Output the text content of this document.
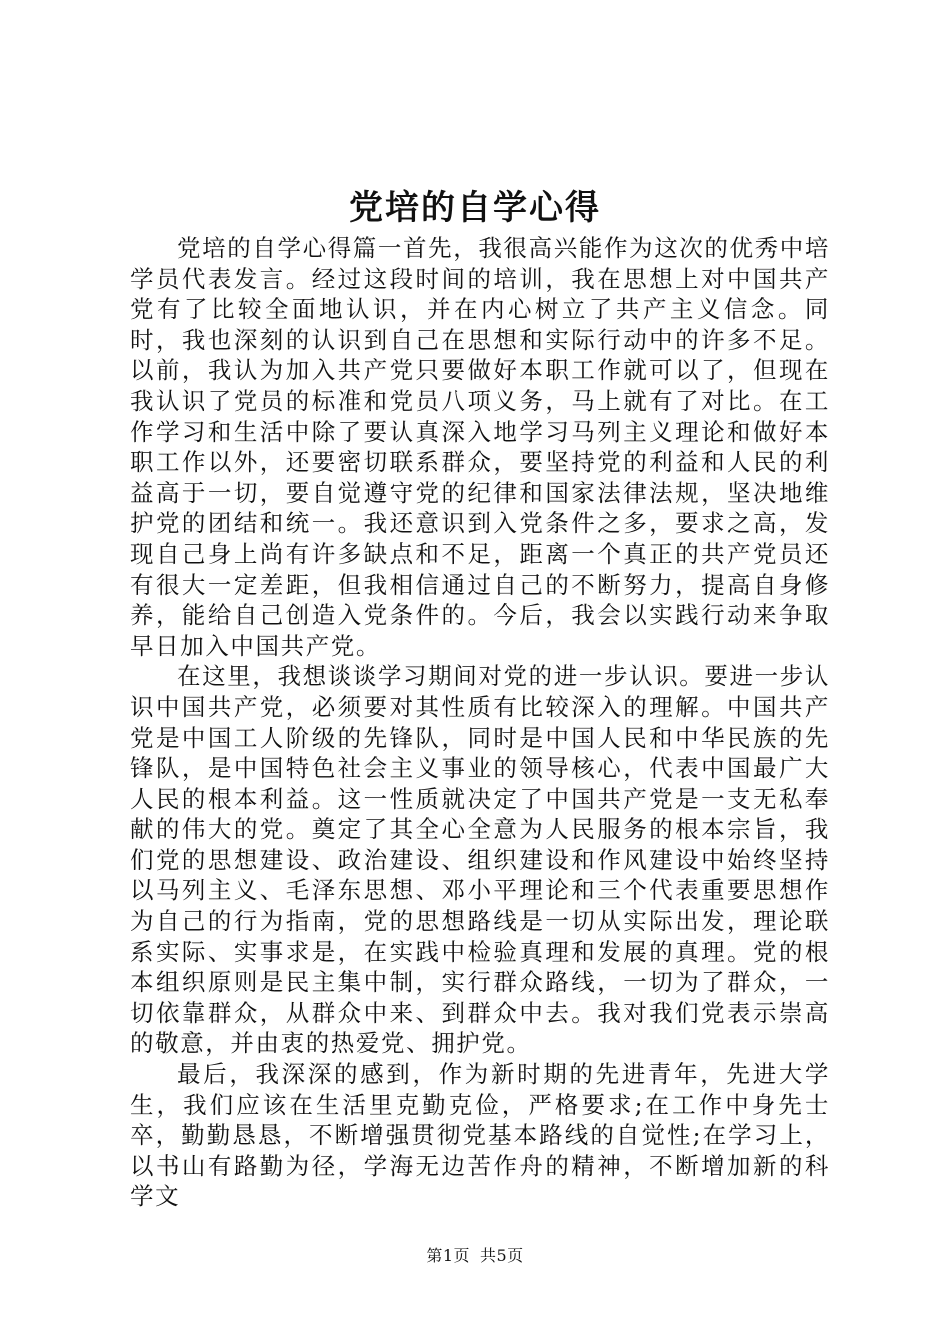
党培的自学心得

党培的自学心得篇一首先，我很高兴能作为这次的优秀中培学员代表发言。经过这段时间的培训，我在思想上对中国共产党有了比较全面地认识，并在内心树立了共产主义信念。同时，我也深刻的认识到自己在思想和实际行动中的许多不足。以前，我认为加入共产党只要做好本职工作就可以了，但现在我认识了党员的标准和党员八项义务，马上就有了对比。在工作学习和生活中除了要认真深入地学习马列主义理论和做好本职工作以外，还要密切联系群众，要坚持党的利益和人民的利益高于一切，要自觉遵守党的纪律和国家法律法规，坚决地维护党的团结和统一。我还意识到入党条件之多，要求之高，发现自己身上尚有许多缺点和不足，距离一个真正的共产党员还有很大一定差距，但我相信通过自己的不断努力，提高自身修养，能给自己创造入党条件的。今后，我会以实践行动来争取早日加入中国共产党。

在这里，我想谈谈学习期间对党的进一步认识。要进一步认识中国共产党，必须要对其性质有比较深入的理解。中国共产党是中国工人阶级的先锋队，同时是中国人民和中华民族的先锋队，是中国特色社会主义事业的领导核心，代表中国最广大人民的根本利益。这一性质就决定了中国共产党是一支无私奉献的伟大的党。奠定了其全心全意为人民服务的根本宗旨，我们党的思想建设、政治建设、组织建设和作风建设中始终坚持以马列主义、毛泽东思想、邓小平理论和三个代表重要思想作为自己的行为指南，党的思想路线是一切从实际出发，理论联系实际、实事求是，在实践中检验真理和发展的真理。党的根本组织原则是民主集中制，实行群众路线，一切为了群众，一切依靠群众，从群众中来、到群众中去。我对我们党表示崇高的敬意，并由衷的热爱党、拥护党。

最后，我深深的感到，作为新时期的先进青年，先进大学生，我们应该在生活里克勤克俭，严格要求;在工作中身先士卒，勤勤恳恳，不断增强贯彻党基本路线的自觉性;在学习上，以书山有路勤为径，学海无边苦作舟的精神，不断增加新的科学文

第1页 共5页
